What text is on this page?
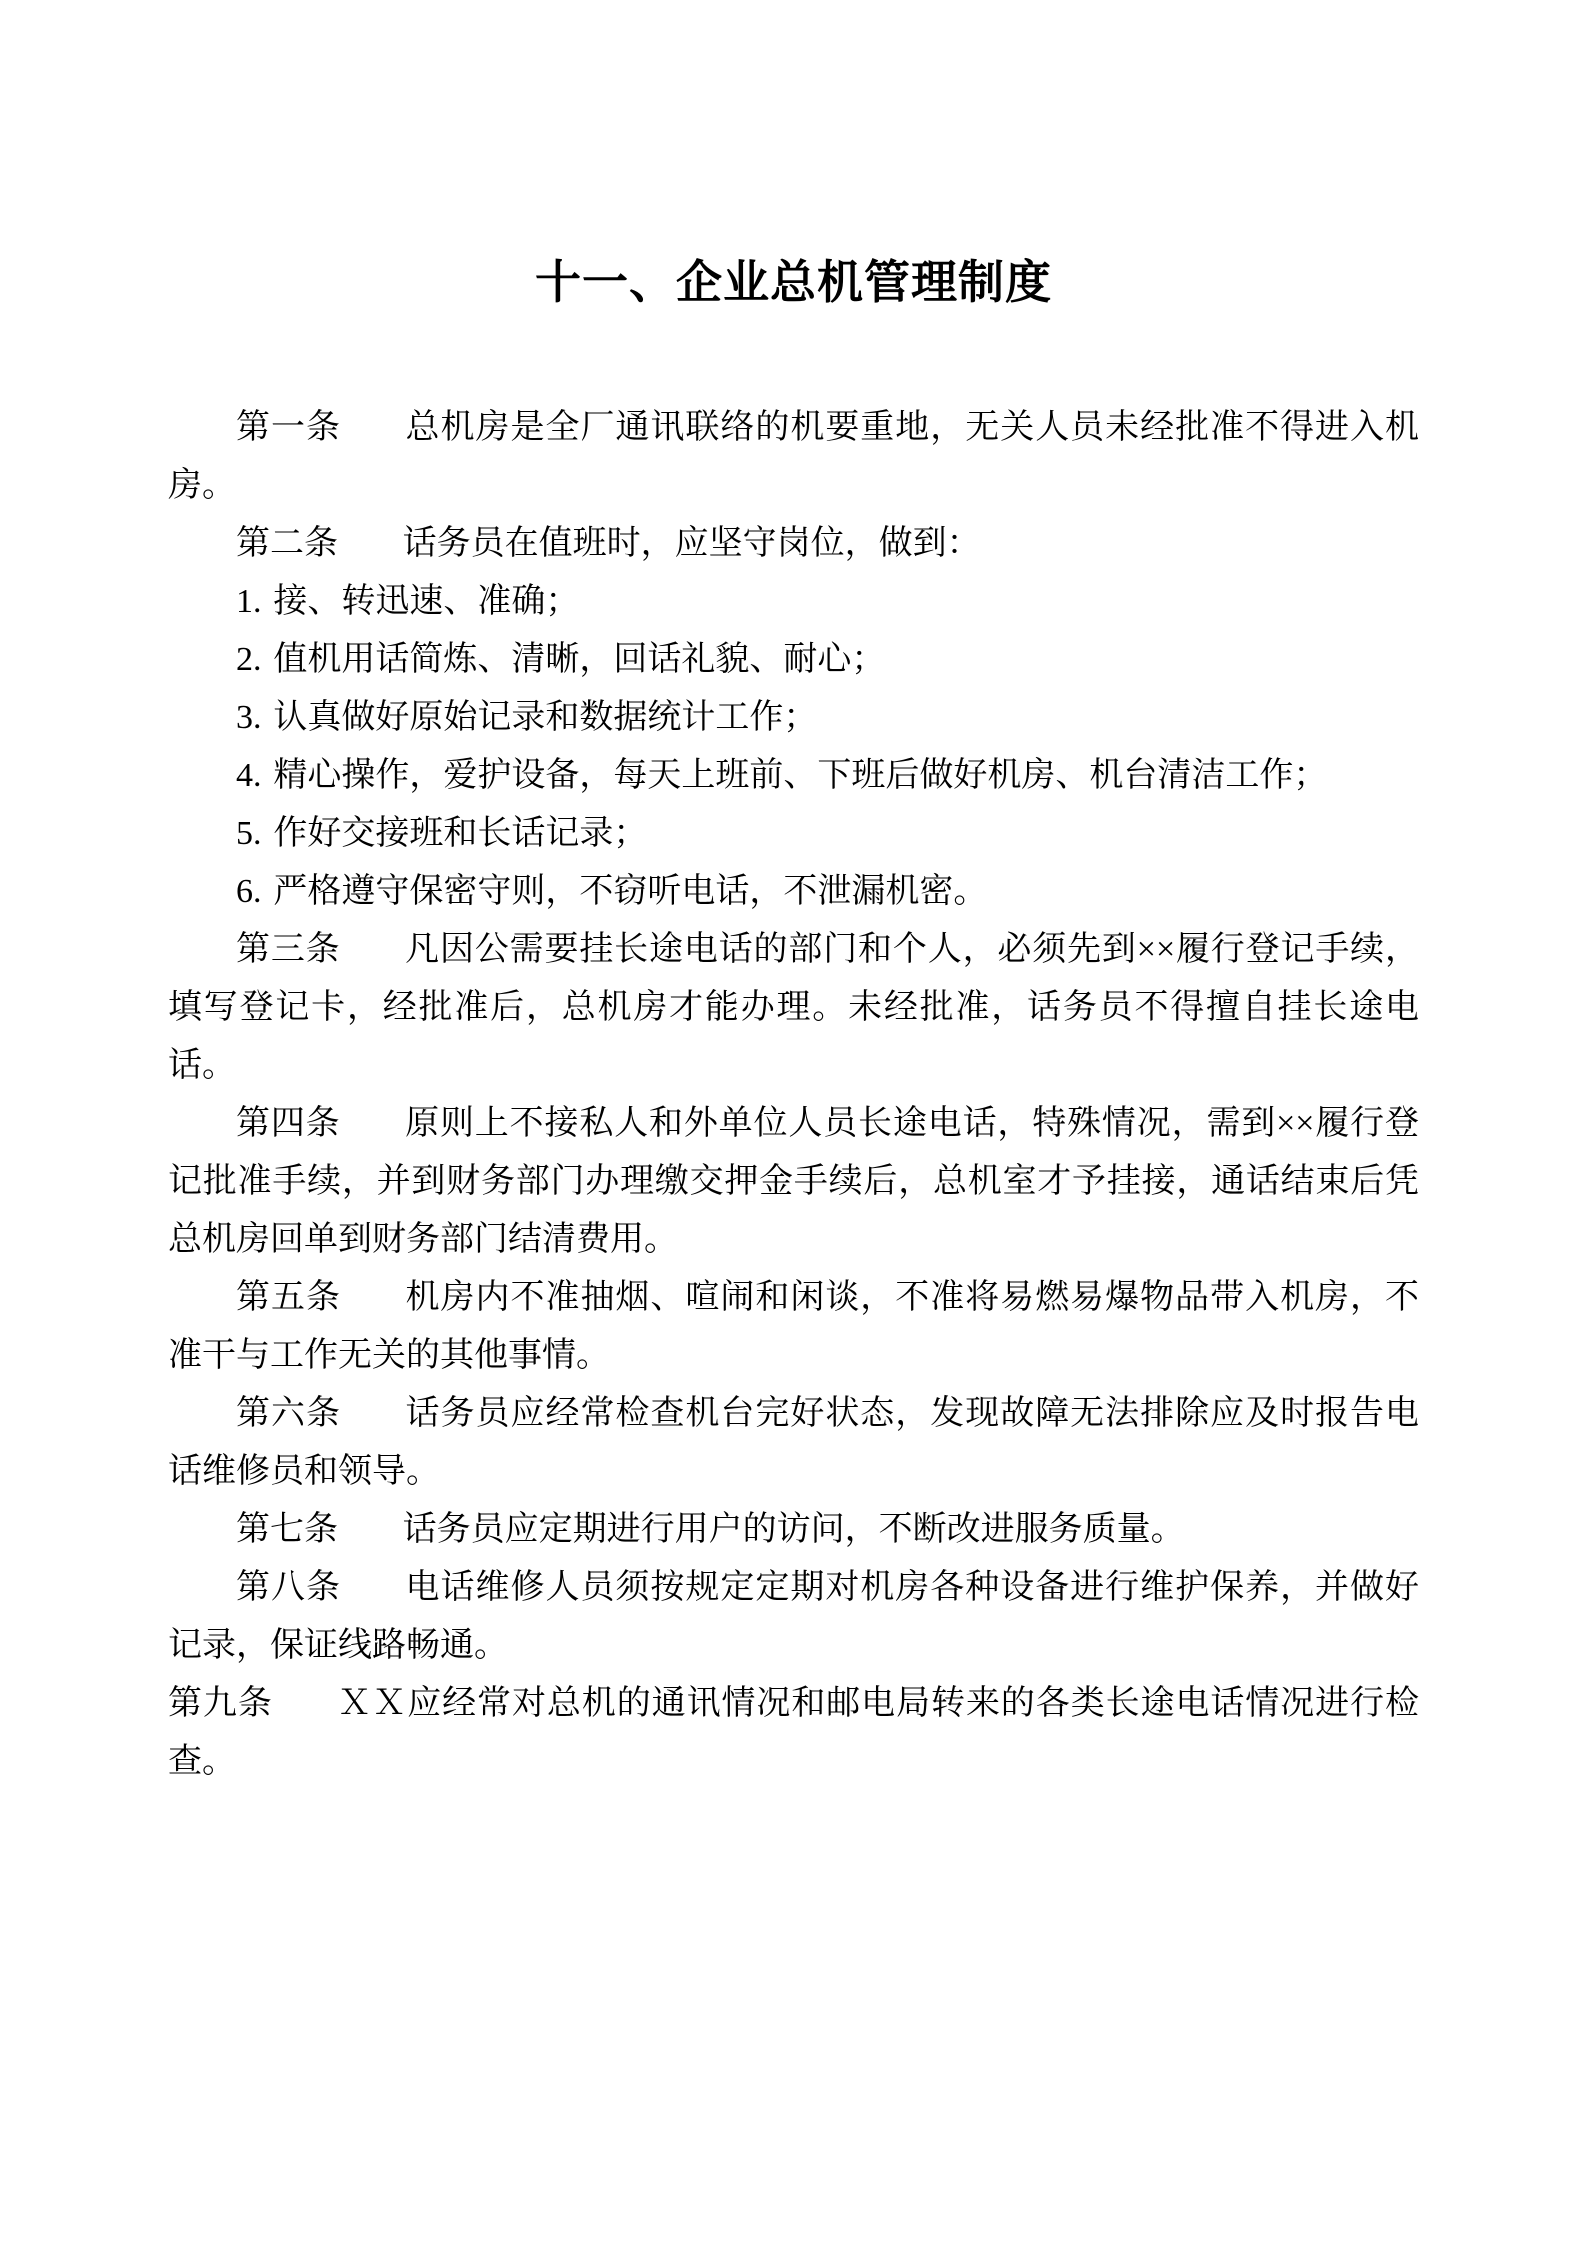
十一、企业总机管理制度

第一条 总机房是全厂通讯联络的机要重地，无关人员未经批准不得进入机房。

第二条 话务员在值班时，应坚守岗位，做到：

1. 接、转迅速、准确；

2. 值机用话简炼、清晰，回话礼貌、耐心；

3. 认真做好原始记录和数据统计工作；

4. 精心操作，爱护设备，每天上班前、下班后做好机房、机台清洁工作；

5. 作好交接班和长话记录；

6. 严格遵守保密守则，不窃听电话，不泄漏机密。

第三条 凡因公需要挂长途电话的部门和个人，必须先到××履行登记手续，填写登记卡，经批准后，总机房才能办理。未经批准，话务员不得擅自挂长途电话。

第四条 原则上不接私人和外单位人员长途电话，特殊情况，需到××履行登记批准手续，并到财务部门办理缴交押金手续后，总机室才予挂接，通话结束后凭总机房回单到财务部门结清费用。

第五条 机房内不准抽烟、喧闹和闲谈，不准将易燃易爆物品带入机房，不准干与工作无关的其他事情。

第六条 话务员应经常检查机台完好状态，发现故障无法排除应及时报告电话维修员和领导。

第七条 话务员应定期进行用户的访问，不断改进服务质量。

第八条 电话维修人员须按规定定期对机房各种设备进行维护保养，并做好记录，保证线路畅通。

第九条 ＸＸ应经常对总机的通讯情况和邮电局转来的各类长途电话情况进行检查。
